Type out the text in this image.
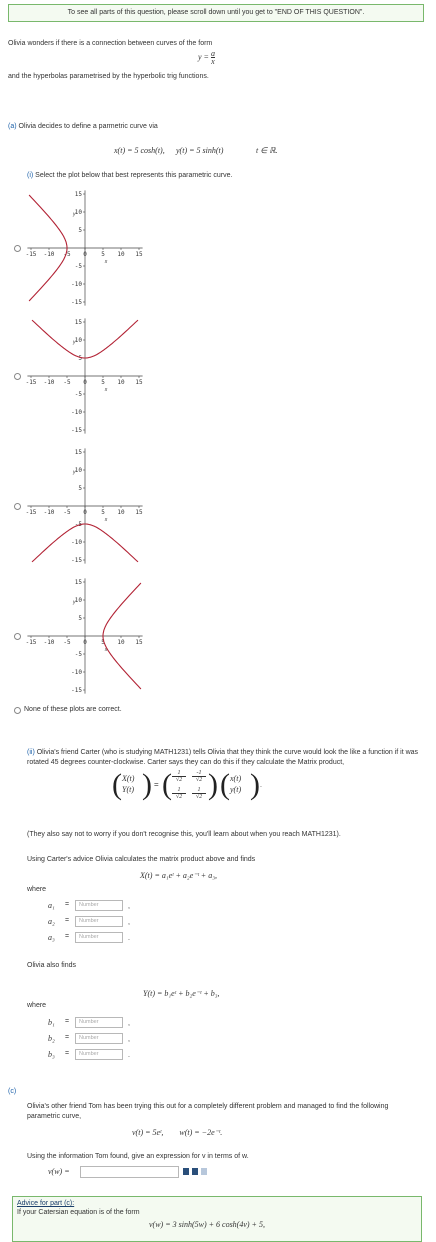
To see all parts of this question, please scroll down until you get to "END OF THIS QUESTION".
Olivia wonders if there is a connection between curves of the form
$y = \frac{a}{x}$
and the hyperbolas parametrised by the hyperbolic trig functions.
(a) Olivia decides to define a parmetric curve via
x(t) = 5 cosh(t), y(t) = 5 sinh(t)	t ∈ ℝ.
(i) Select the plot below that best represents this parametric curve.
-15 -10 -5 0 5 10 15
15
10
5
-5
-10
-15
x
y
-15 -10 -5 0 5 10 15
15
10
5
-5
-10
-15
x
y
-15 -10 -5 0 5 10 15
15
10
5
-5
-10
-15
x
y
-15 -10 -5 0 5 10 15
15
10
5
-5
-10
-15
x
y
None of these plots are correct.
(ii) Olivia's friend Carter (who is studying MATH1231) tells Olivia that they think the curve would look the like a function if it was rotated 45 degrees counter-clockwise. Carter says they can do this if they calculate the Matrix product,
( X(t)
Y(t) ) = ( $\frac{1}{√2} \frac{-1}{√2}$
$\frac{1}{√2} \frac{1}{√2}$ ) ( x(t)
y(t) ) .
(They also say not to worry if you don't recognise this, you'll learn about when you reach MATH1231).
Using Carter's advice Olivia calculates the matrix product above and finds
X(t) = a₁eᵗ + a₂e⁻ᵗ + a₃,
where
a₁ =	Number	,
a₂ =	Number	,
a₃ =	Number	.
Olivia also finds
Y(t) = b₁eᵗ + b₂e⁻ᵗ + b₃,
where
b₁ =	Number	,
b₂ =	Number	,
b₃ =	Number	.
(c)
Olivia's other friend Tom has been trying this out for a completely different problem and managed to find the following parametric curve,
v(t) = 5eᵗ,        w(t) = −2e⁻ᵗ.
Using the information Tom found, give an expression for v in terms of w.
v(w) =

Advice for part (c):
If your Catersian equation is of the form
v(w) = 3 sinh(5w) + 6 cosh(4v) + 5,
